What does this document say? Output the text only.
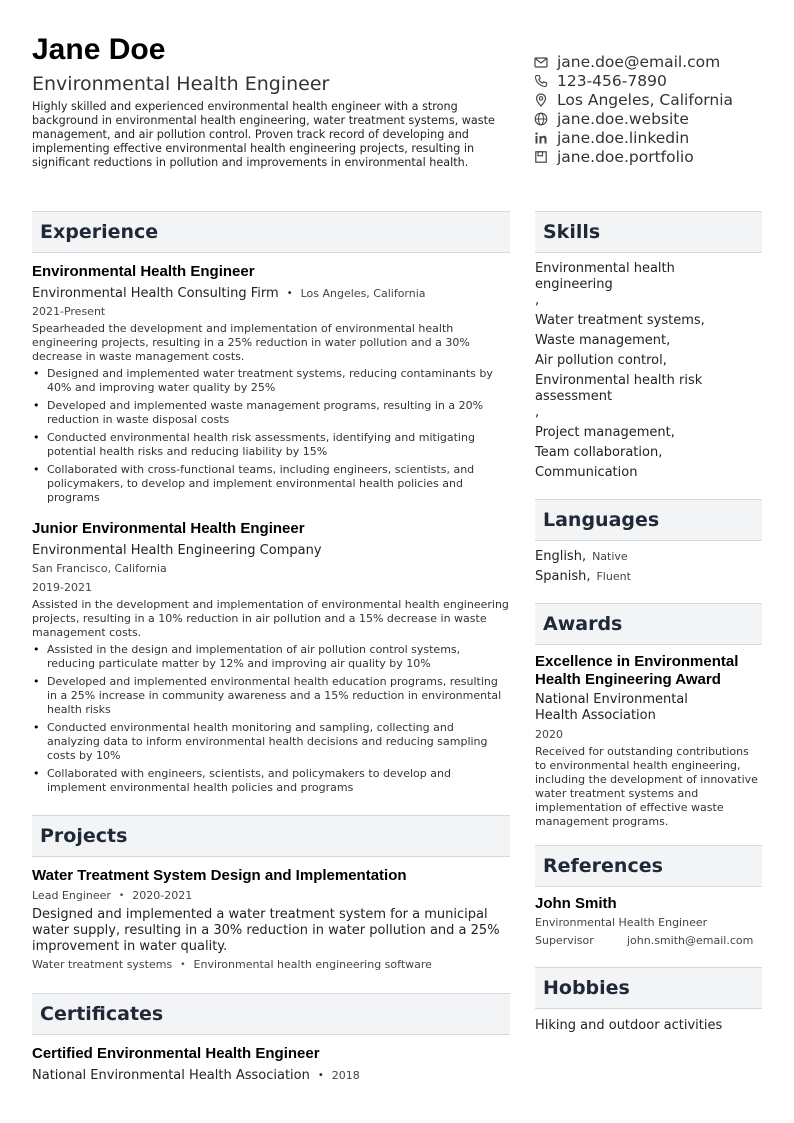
Jane Doe
Environmental Health Engineer
Highly skilled and experienced environmental health engineer with a strong background in environmental health engineering, water treatment systems, waste management, and air pollution control. Proven track record of developing and implementing effective environmental health engineering projects, resulting in significant reductions in pollution and improvements in environmental health.
jane.doe@email.com
123-456-7890
Los Angeles, California
jane.doe.website
jane.doe.linkedin
jane.doe.portfolio
Experience
Environmental Health Engineer
Environmental Health Consulting Firm • Los Angeles, California
2021-Present
Spearheaded the development and implementation of environmental health engineering projects, resulting in a 25% reduction in water pollution and a 30% decrease in waste management costs.
• Designed and implemented water treatment systems, reducing contaminants by 40% and improving water quality by 25%
• Developed and implemented waste management programs, resulting in a 20% reduction in waste disposal costs
• Conducted environmental health risk assessments, identifying and mitigating potential health risks and reducing liability by 15%
• Collaborated with cross-functional teams, including engineers, scientists, and policymakers, to develop and implement environmental health policies and programs
Junior Environmental Health Engineer
Environmental Health Engineering Company
San Francisco, California
2019-2021
Assisted in the development and implementation of environmental health engineering projects, resulting in a 10% reduction in air pollution and a 15% decrease in waste management costs.
• Assisted in the design and implementation of air pollution control systems, reducing particulate matter by 12% and improving air quality by 10%
• Developed and implemented environmental health education programs, resulting in a 25% increase in community awareness and a 15% reduction in environmental health risks
• Conducted environmental health monitoring and sampling, collecting and analyzing data to inform environmental health decisions and reducing sampling costs by 10%
• Collaborated with engineers, scientists, and policymakers to develop and implement environmental health policies and programs
Projects
Water Treatment System Design and Implementation
Lead Engineer • 2020-2021
Designed and implemented a water treatment system for a municipal water supply, resulting in a 30% reduction in water pollution and a 25% improvement in water quality.
Water treatment systems • Environmental health engineering software
Certificates
Certified Environmental Health Engineer
National Environmental Health Association • 2018
Skills
Environmental health engineering
,
Water treatment systems,
Waste management,
Air pollution control,
Environmental health risk assessment
,
Project management,
Team collaboration,
Communication
Languages
English, Native
Spanish, Fluent
Awards
Excellence in Environmental Health Engineering Award
National Environmental Health Association
2020
Received for outstanding contributions to environmental health engineering, including the development of innovative water treatment systems and implementation of effective waste management programs.
References
John Smith
Environmental Health Engineer
Supervisor	john.smith@email.com
Hobbies
Hiking and outdoor activities
